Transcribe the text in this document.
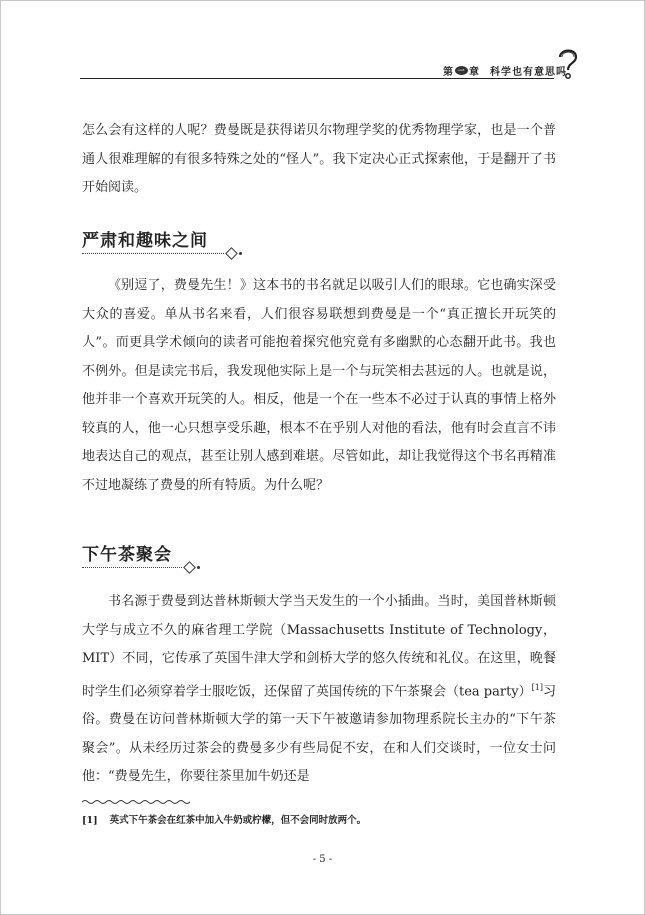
第 一 章 科学也有意思吗

怎么会有这样的人呢？费曼既是获得诺贝尔物理学奖的优秀物理学家，也是一个普通人很难理解的有很多特殊之处的“怪人”。我下定决心正式探索他，于是翻开了书开始阅读。

严肃和趣味之间

《别逗了，费曼先生！》这本书的书名就足以吸引人们的眼球。它也确实深受大众的喜爱。单从书名来看，人们很容易联想到费曼是一个“真正擅长开玩笑的人”。而更具学术倾向的读者可能抱着探究他究竟有多幽默的心态翻开此书。我也不例外。但是读完书后，我发现他实际上是一个与玩笑相去甚远的人。也就是说，他并非一个喜欢开玩笑的人。相反，他是一个在一些本不必过于认真的事情上格外较真的人，他一心只想享受乐趣，根本不在乎别人对他的看法，他有时会直言不讳地表达自己的观点，甚至让别人感到难堪。尽管如此，却让我觉得这个书名再精准不过地凝练了费曼的所有特质。为什么呢？

下午茶聚会

书名源于费曼到达普林斯顿大学当天发生的一个小插曲。当时，美国普林斯顿大学与成立不久的麻省理工学院（Massachusetts Institute of Technology，MIT）不同，它传承了英国牛津大学和剑桥大学的悠久传统和礼仪。在这里，晚餐时学生们必须穿着学士服吃饭，还保留了英国传统的下午茶聚会（tea party）[1]习俗。费曼在访问普林斯顿大学的第一天下午被邀请参加物理系院长主办的“下午茶聚会”。从未经历过茶会的费曼多少有些局促不安，在和人们交谈时，一位女士问他：“费曼先生，你要往茶里加牛奶还是

[1] 英式下午茶会在红茶中加入牛奶或柠檬，但不会同时放两个。
- 5 -
